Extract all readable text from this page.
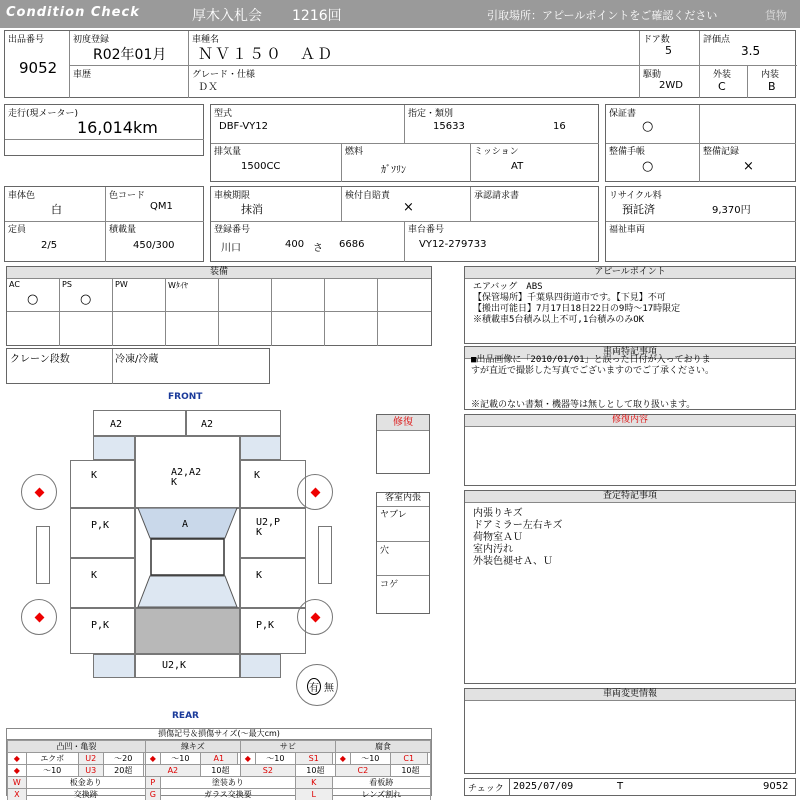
Condition Check	厚木入札会 1216回	引取場所：アピールポイントをご確認ください	貨物
出品番号
9052
初度登録
R02年01月
車種名
ＮＶ１５０　ＡＤ
ドア数
5
評価点
3.5
車歴	グレード・仕様
ＤＸ
駆動
2WD
外装
C
内装
B
走行(現メーター)
16,014km
型式
DBF-VY12
指定・類別
15633	16
排気量
1500CC
燃料
ｶﾞｿﾘﾝ
ミッション
AT
保証書
○
整備手帳
○
整備記録
×
車体色
白
色コード
QM1
定員
2/5
積載量
450/300
車検期限
抹消
検付自賠責
×
承認請求書
登録番号
川口	400 さ 6686
車台番号
VY12-279733
リサイクル料
預託済	9,370円
福祉車両
装備
AC
○
PS
○
PW	Wﾀｲﾔ
クレーン段数	冷凍/冷蔵
アピールポイント
エアバッグ　ABS
【保管場所】千葉県四街道市です。【下見】不可
【搬出可能日】7月17日18日22日の9時～17時限定
※積載車5台積み以上不可,1台積みのみOK
車両特記事項
■出品画像に「2010/01/01」と誤った日付が入っておりま
すが直近で撮影した写真でございますのでご了承ください。
※記載のない書類・機器等は無しとして取り扱います。
修復内容
査定特記事項
内張りキズ
ドアミラー左右キズ
荷物室ＡＵ
室内汚れ
外装色褪せＡ、Ｕ
車両変更情報
チェック 2025/07/09	T	9052
修復
客室内張
ヤブレ
穴
コゲ
FRONT
REAR
A2	A2
K	A2,A2
K
K
P,K	U2,P
K
A
K	K
P,K	P,K
U2,K
有 無
損傷記号＆損傷サイズ(～最大cm)
凸凹・亀裂					線キズ				サビ				腐食			
◆	エクボ	U2	～20		◆	～10	A1		◆	～10	S1		◆	～10	C1	
◆	～10	U3	20超		A2		10超		S2		10超		C2		10超	
W	板金あり				P	塗装あり					K	看板跡				
X	交換跡				G	ガラス交換要					L	レンズ割れ				
